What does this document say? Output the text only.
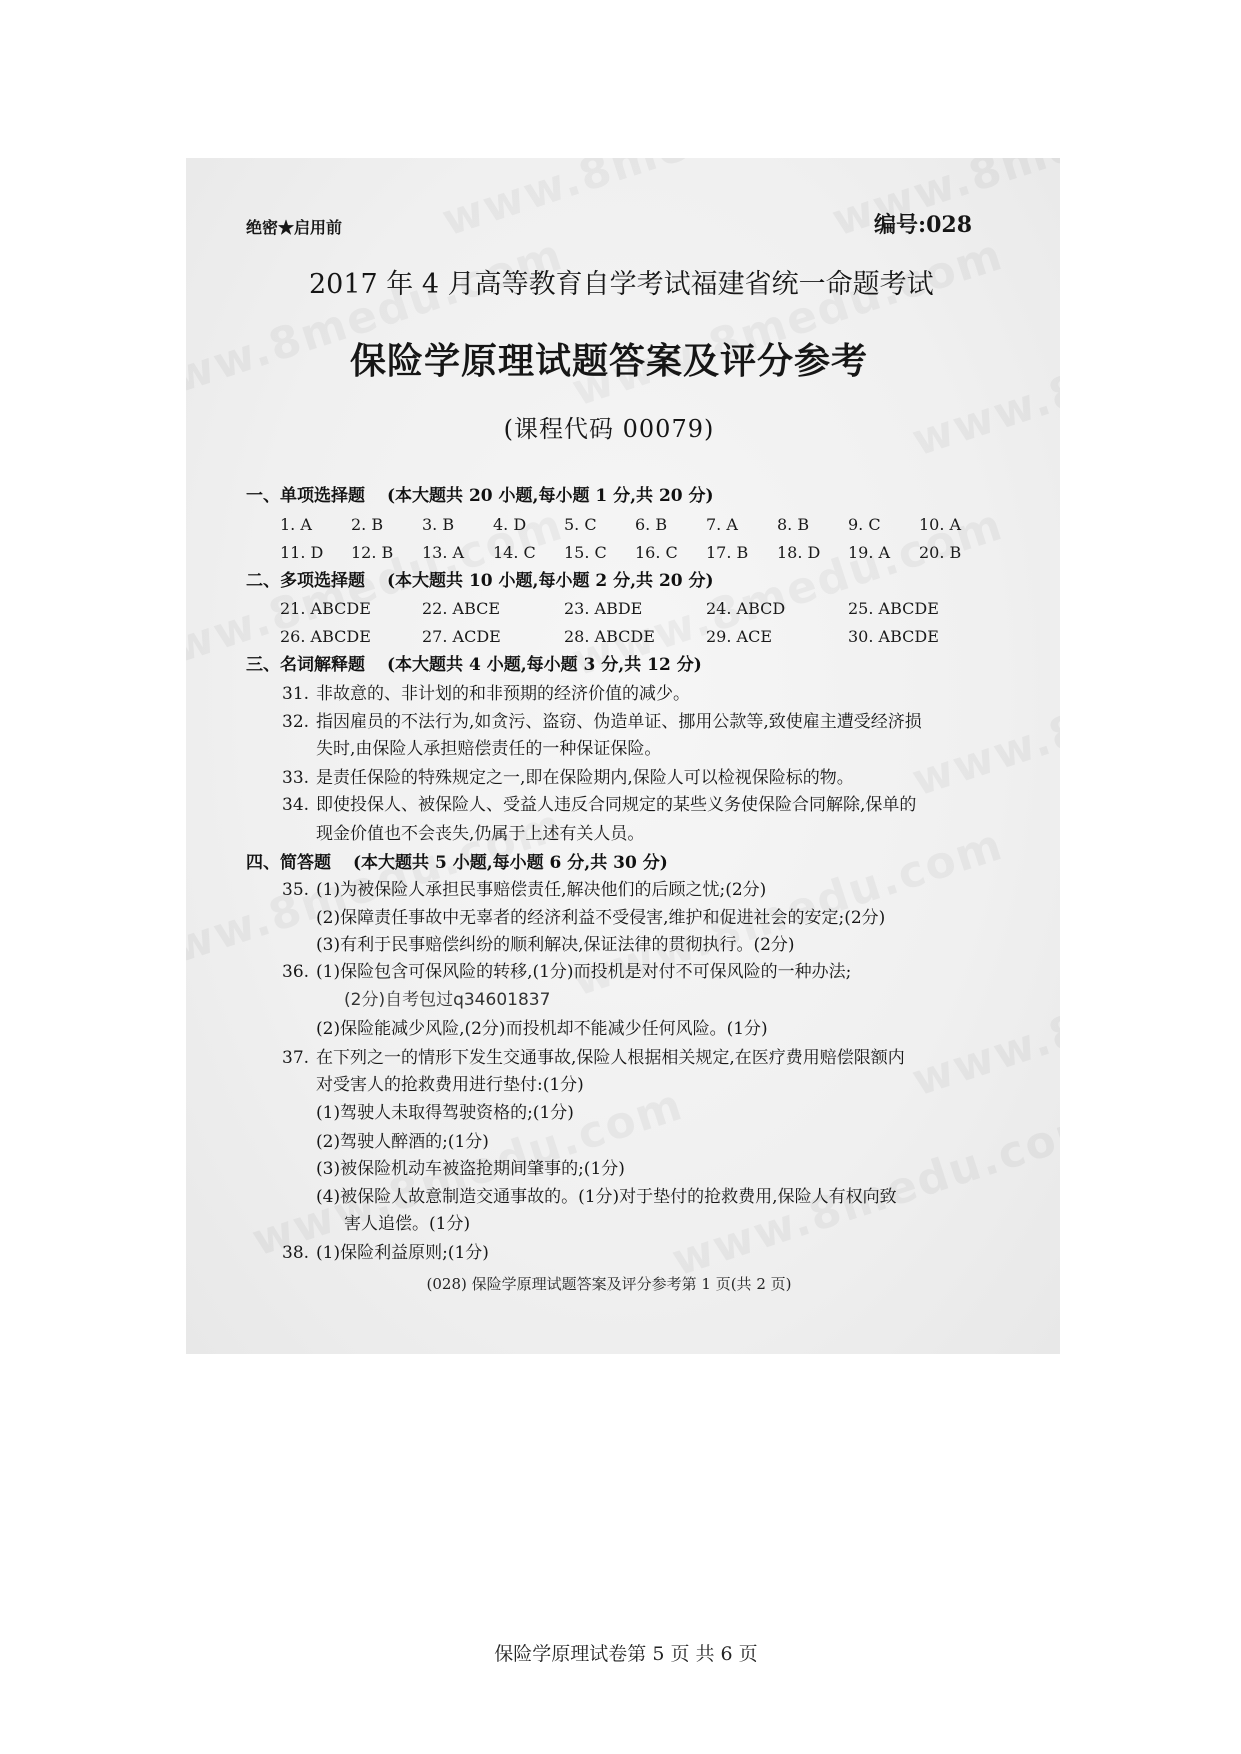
绝密★启用前	编号:028
2017 年 4 月高等教育自学考试福建省统一命题考试
保险学原理试题答案及评分参考
(课程代码 00079)
一、单项选择题 (本大题共 20 小题,每小题 1 分,共 20 分)
1. A	2. B	3. B	4. D	5. C	6. B	7. A	8. B	9. C	10. A
11. D	12. B	13. A	14. C	15. C	16. C	17. B	18. D	19. A	20. B
二、多项选择题 (本大题共 10 小题,每小题 2 分,共 20 分)
21. ABCDE	22. ABCE	23. ABDE	24. ABCD	25. ABCDE
26. ABCDE	27. ACDE	28. ABCDE	29. ACE	30. ABCDE
三、名词解释题 (本大题共 4 小题,每小题 3 分,共 12 分)
31. 非故意的、非计划的和非预期的经济价值的减少。
32. 指因雇员的不法行为,如贪污、盗窃、伪造单证、挪用公款等,致使雇主遭受经济损
失时,由保险人承担赔偿责任的一种保证保险。
33. 是责任保险的特殊规定之一,即在保险期内,保险人可以检视保险标的物。
34. 即使投保人、被保险人、受益人违反合同规定的某些义务使保险合同解除,保单的
现金价值也不会丧失,仍属于上述有关人员。
四、简答题 (本大题共 5 小题,每小题 6 分,共 30 分)
35. (1)为被保险人承担民事赔偿责任,解决他们的后顾之忧;(2分)
(2)保障责任事故中无辜者的经济利益不受侵害,维护和促进社会的安定;(2分)
(3)有利于民事赔偿纠纷的顺利解决,保证法律的贯彻执行。(2分)
36. (1)保险包含可保风险的转移,(1分)而投机是对付不可保风险的一种办法;
(2分)自考包过q34601837
(2)保险能减少风险,(2分)而投机却不能减少任何风险。(1分)
37. 在下列之一的情形下发生交通事故,保险人根据相关规定,在医疗费用赔偿限额内
对受害人的抢救费用进行垫付:(1分)
(1)驾驶人未取得驾驶资格的;(1分)
(2)驾驶人醉酒的;(1分)
(3)被保险机动车被盗抢期间肇事的;(1分)
(4)被保险人故意制造交通事故的。(1分)对于垫付的抢救费用,保险人有权向致
害人追偿。(1分)
38. (1)保险利益原则;(1分)
(028) 保险学原理试题答案及评分参考第 1 页(共 2 页)
保险学原理试卷第 5 页 共 6 页
